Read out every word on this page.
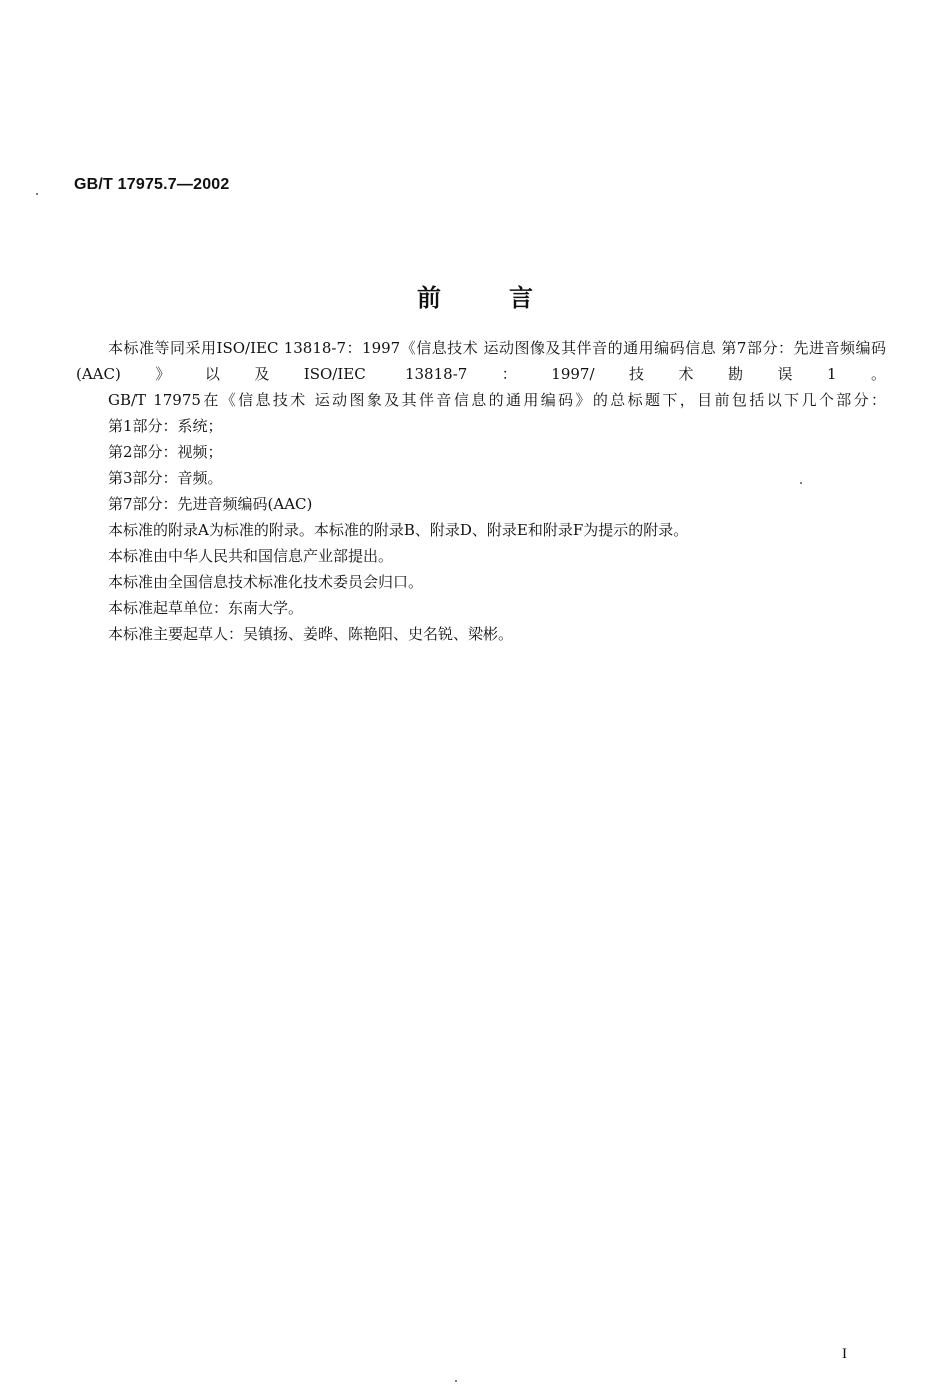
GB/T 17975.7—2002
前言

本标准等同采用ISO/IEC 13818-7：1997《信息技术 运动图像及其伴音的通用编码信息 第7部分：先进音频编码(AAC)》以及ISO/IEC 13818-7：1997/技术勘误1。

GB/T 17975在《信息技术 运动图象及其伴音信息的通用编码》的总标题下，目前包括以下几个部分：

第1部分：系统；

第2部分：视频；

第3部分：音频。

第7部分：先进音频编码(AAC)

本标准的附录A为标准的附录。本标准的附录B、附录D、附录E和附录F为提示的附录。

本标准由中华人民共和国信息产业部提出。

本标准由全国信息技术标准化技术委员会归口。

本标准起草单位：东南大学。

本标准主要起草人：吴镇扬、姜晔、陈艳阳、史名锐、梁彬。

I
